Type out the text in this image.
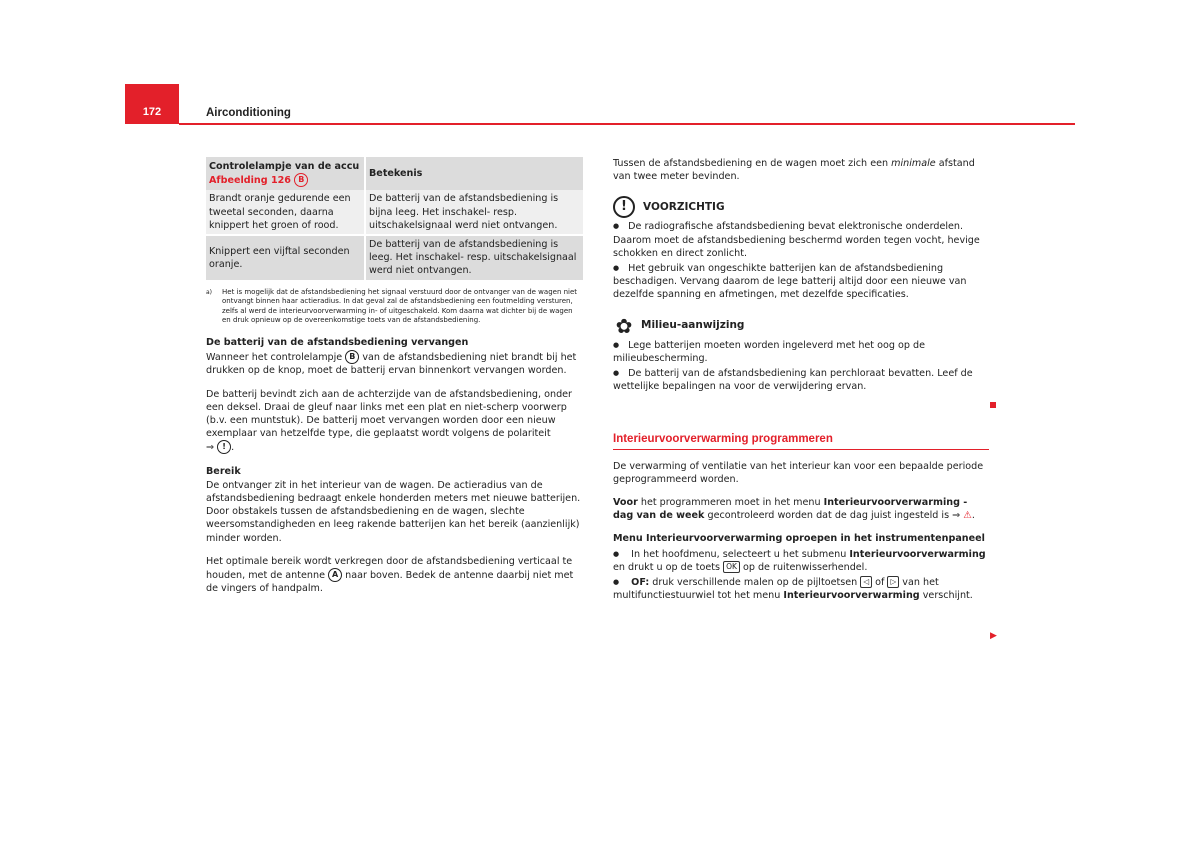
172	Airconditioning
Controlelampje van de accu
Afbeelding 126 B	Betekenis
Brandt oranje gedurende een tweetal seconden, daarna knippert het groen of rood.	De batterij van de afstandsbediening is bijna leeg. Het inschakel- resp. uitschakelsignaal werd niet ontvangen.
Knippert een vijftal seconden oranje.	De batterij van de afstandsbediening is leeg. Het inschakel- resp. uitschakelsignaal werd niet ontvangen.
a)	Het is mogelijk dat de afstandsbediening het signaal verstuurd door de ontvanger van de wagen niet ontvangt binnen haar actieradius. In dat geval zal de afstandsbediening een foutmelding versturen, zelfs al werd de interieurvoorverwarming in- of uitgeschakeld. Kom daarna wat dichter bij de wagen en druk opnieuw op de overeenkomstige toets van de afstandsbediening.

De batterij van de afstandsbediening vervangen

Wanneer het controlelampje B van de afstandsbediening niet brandt bij het drukken op de knop, moet de batterij ervan binnenkort vervangen worden.

De batterij bevindt zich aan de achterzijde van de afstandsbediening, onder een deksel. Draai de gleuf naar links met een plat en niet-scherp voorwerp (b.v. een muntstuk). De batterij moet vervangen worden door een nieuw exemplaar van hetzelfde type, die geplaatst wordt volgens de polariteit
⇒ ! .

Bereik

De ontvanger zit in het interieur van de wagen. De actieradius van de afstandsbediening bedraagt enkele honderden meters met nieuwe batterijen. Door obstakels tussen de afstandsbediening en de wagen, slechte weersomstandigheden en leeg rakende batterijen kan het bereik (aanzienlijk) minder worden.

Het optimale bereik wordt verkregen door de afstandsbediening verticaal te houden, met de antenne A naar boven. Bedek de antenne daarbij niet met de vingers of handpalm.

Tussen de afstandsbediening en de wagen moet zich een minimale afstand van twee meter bevinden.

!	VOORZICHTIG

● De radiografische afstandsbediening bevat elektronische onderdelen. Daarom moet de afstandsbediening beschermd worden tegen vocht, hevige schokken en direct zonlicht.

● Het gebruik van ongeschikte batterijen kan de afstandsbediening beschadigen. Vervang daarom de lege batterij altijd door een nieuwe van dezelfde spanning en afmetingen, met dezelfde specificaties.

✿ Milieu-aanwijzing

● Lege batterijen moeten worden ingeleverd met het oog op de milieubescherming.

● De batterij van de afstandsbediening kan perchloraat bevatten. Leef de wettelijke bepalingen na voor de verwijdering ervan.

Interieurvoorverwarming programmeren

De verwarming of ventilatie van het interieur kan voor een bepaalde periode geprogrammeerd worden.

Voor het programmeren moet in het menu Interieurvoorverwarming - dag van de week gecontroleerd worden dat de dag juist ingesteld is ⇒ ⚠.

Menu Interieurvoorverwarming oproepen in het instrumentenpaneel

● In het hoofdmenu, selecteert u het submenu Interieurvoorverwarming en drukt u op de toets OK op de ruitenwisserhendel.

● OF: druk verschillende malen op de pijltoetsen ◁ of ▷ van het multifunctiestuurwiel tot het menu Interieurvoorverwarming verschijnt.

▶
